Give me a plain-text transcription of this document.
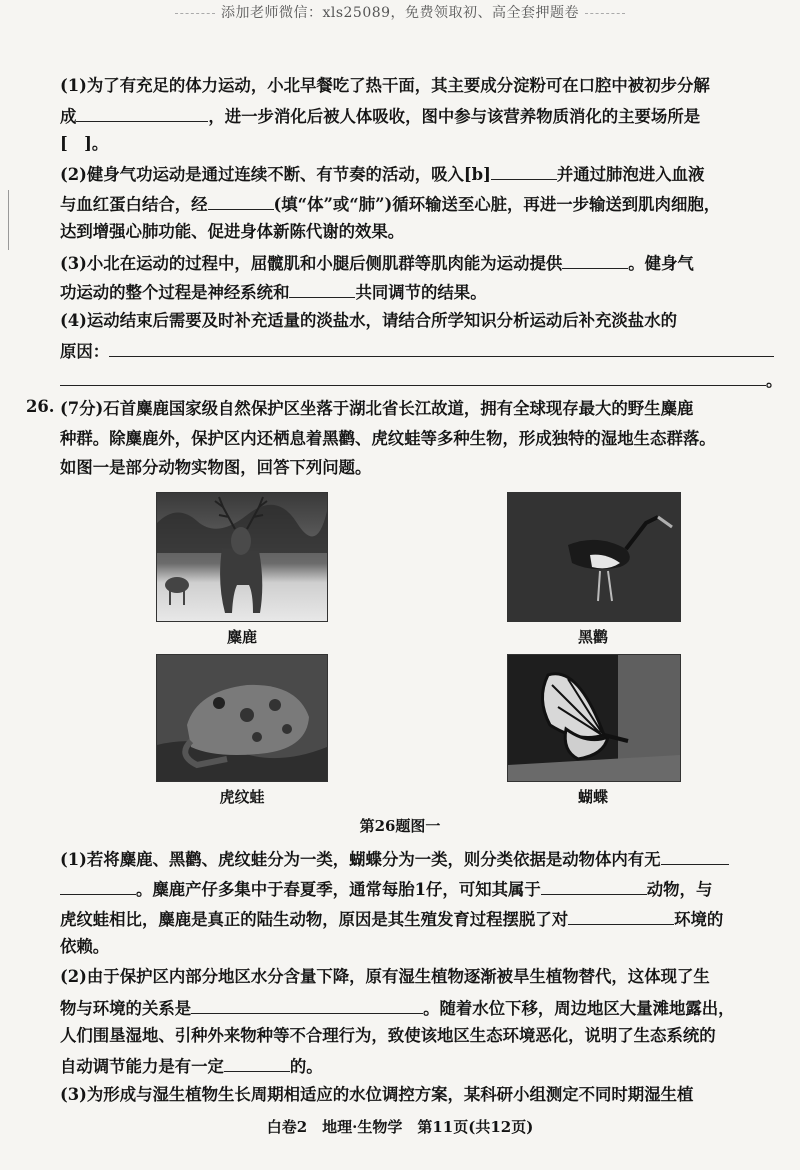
添加老师微信：xls25089，免费领取初、高全套押题卷
(1)为了有充足的体力运动，小北早餐吃了热干面，其主要成分淀粉可在口腔中被初步分解
成	，进一步消化后被人体吸收，图中参与该营养物质消化的主要场所是
[　]。
(2)健身气功运动是通过连续不断、有节奏的活动，吸入[b]	并通过肺泡进入血液
与血红蛋白结合，经	(填“体”或“肺”)循环输送至心脏，再进一步输送到肌肉细胞，
达到增强心肺功能、促进身体新陈代谢的效果。
(3)小北在运动的过程中，屈髋肌和小腿后侧肌群等肌肉能为运动提供	。健身气
功运动的整个过程是神经系统和	共同调节的结果。
(4)运动结束后需要及时补充适量的淡盐水，请结合所学知识分析运动后补充淡盐水的
原因：
。
26. (7分)石首麋鹿国家级自然保护区坐落于湖北省长江故道，拥有全球现存最大的野生麋鹿
种群。除麋鹿外，保护区内还栖息着黑鹳、虎纹蛙等多种生物，形成独特的湿地生态群落。
如图一是部分动物实物图，回答下列问题。
麋鹿	黑鹳
虎纹蛙	蝴蝶
第26题图一
(1)若将麋鹿、黑鹳、虎纹蛙分为一类，蝴蝶分为一类，则分类依据是动物体内有无
。麋鹿产仔多集中于春夏季，通常每胎1仔，可知其属于	动物，与
虎纹蛙相比，麋鹿是真正的陆生动物，原因是其生殖发育过程摆脱了对	环境的
依赖。
(2)由于保护区内部分地区水分含量下降，原有湿生植物逐渐被旱生植物替代，这体现了生
物与环境的关系是	。随着水位下移，周边地区大量滩地露出，
人们围垦湿地、引种外来物种等不合理行为，致使该地区生态环境恶化，说明了生态系统的
自动调节能力是有一定	的。
(3)为形成与湿生植物生长周期相适应的水位调控方案，某科研小组测定不同时期湿生植
白卷2　地理·生物学　第11页(共12页)
